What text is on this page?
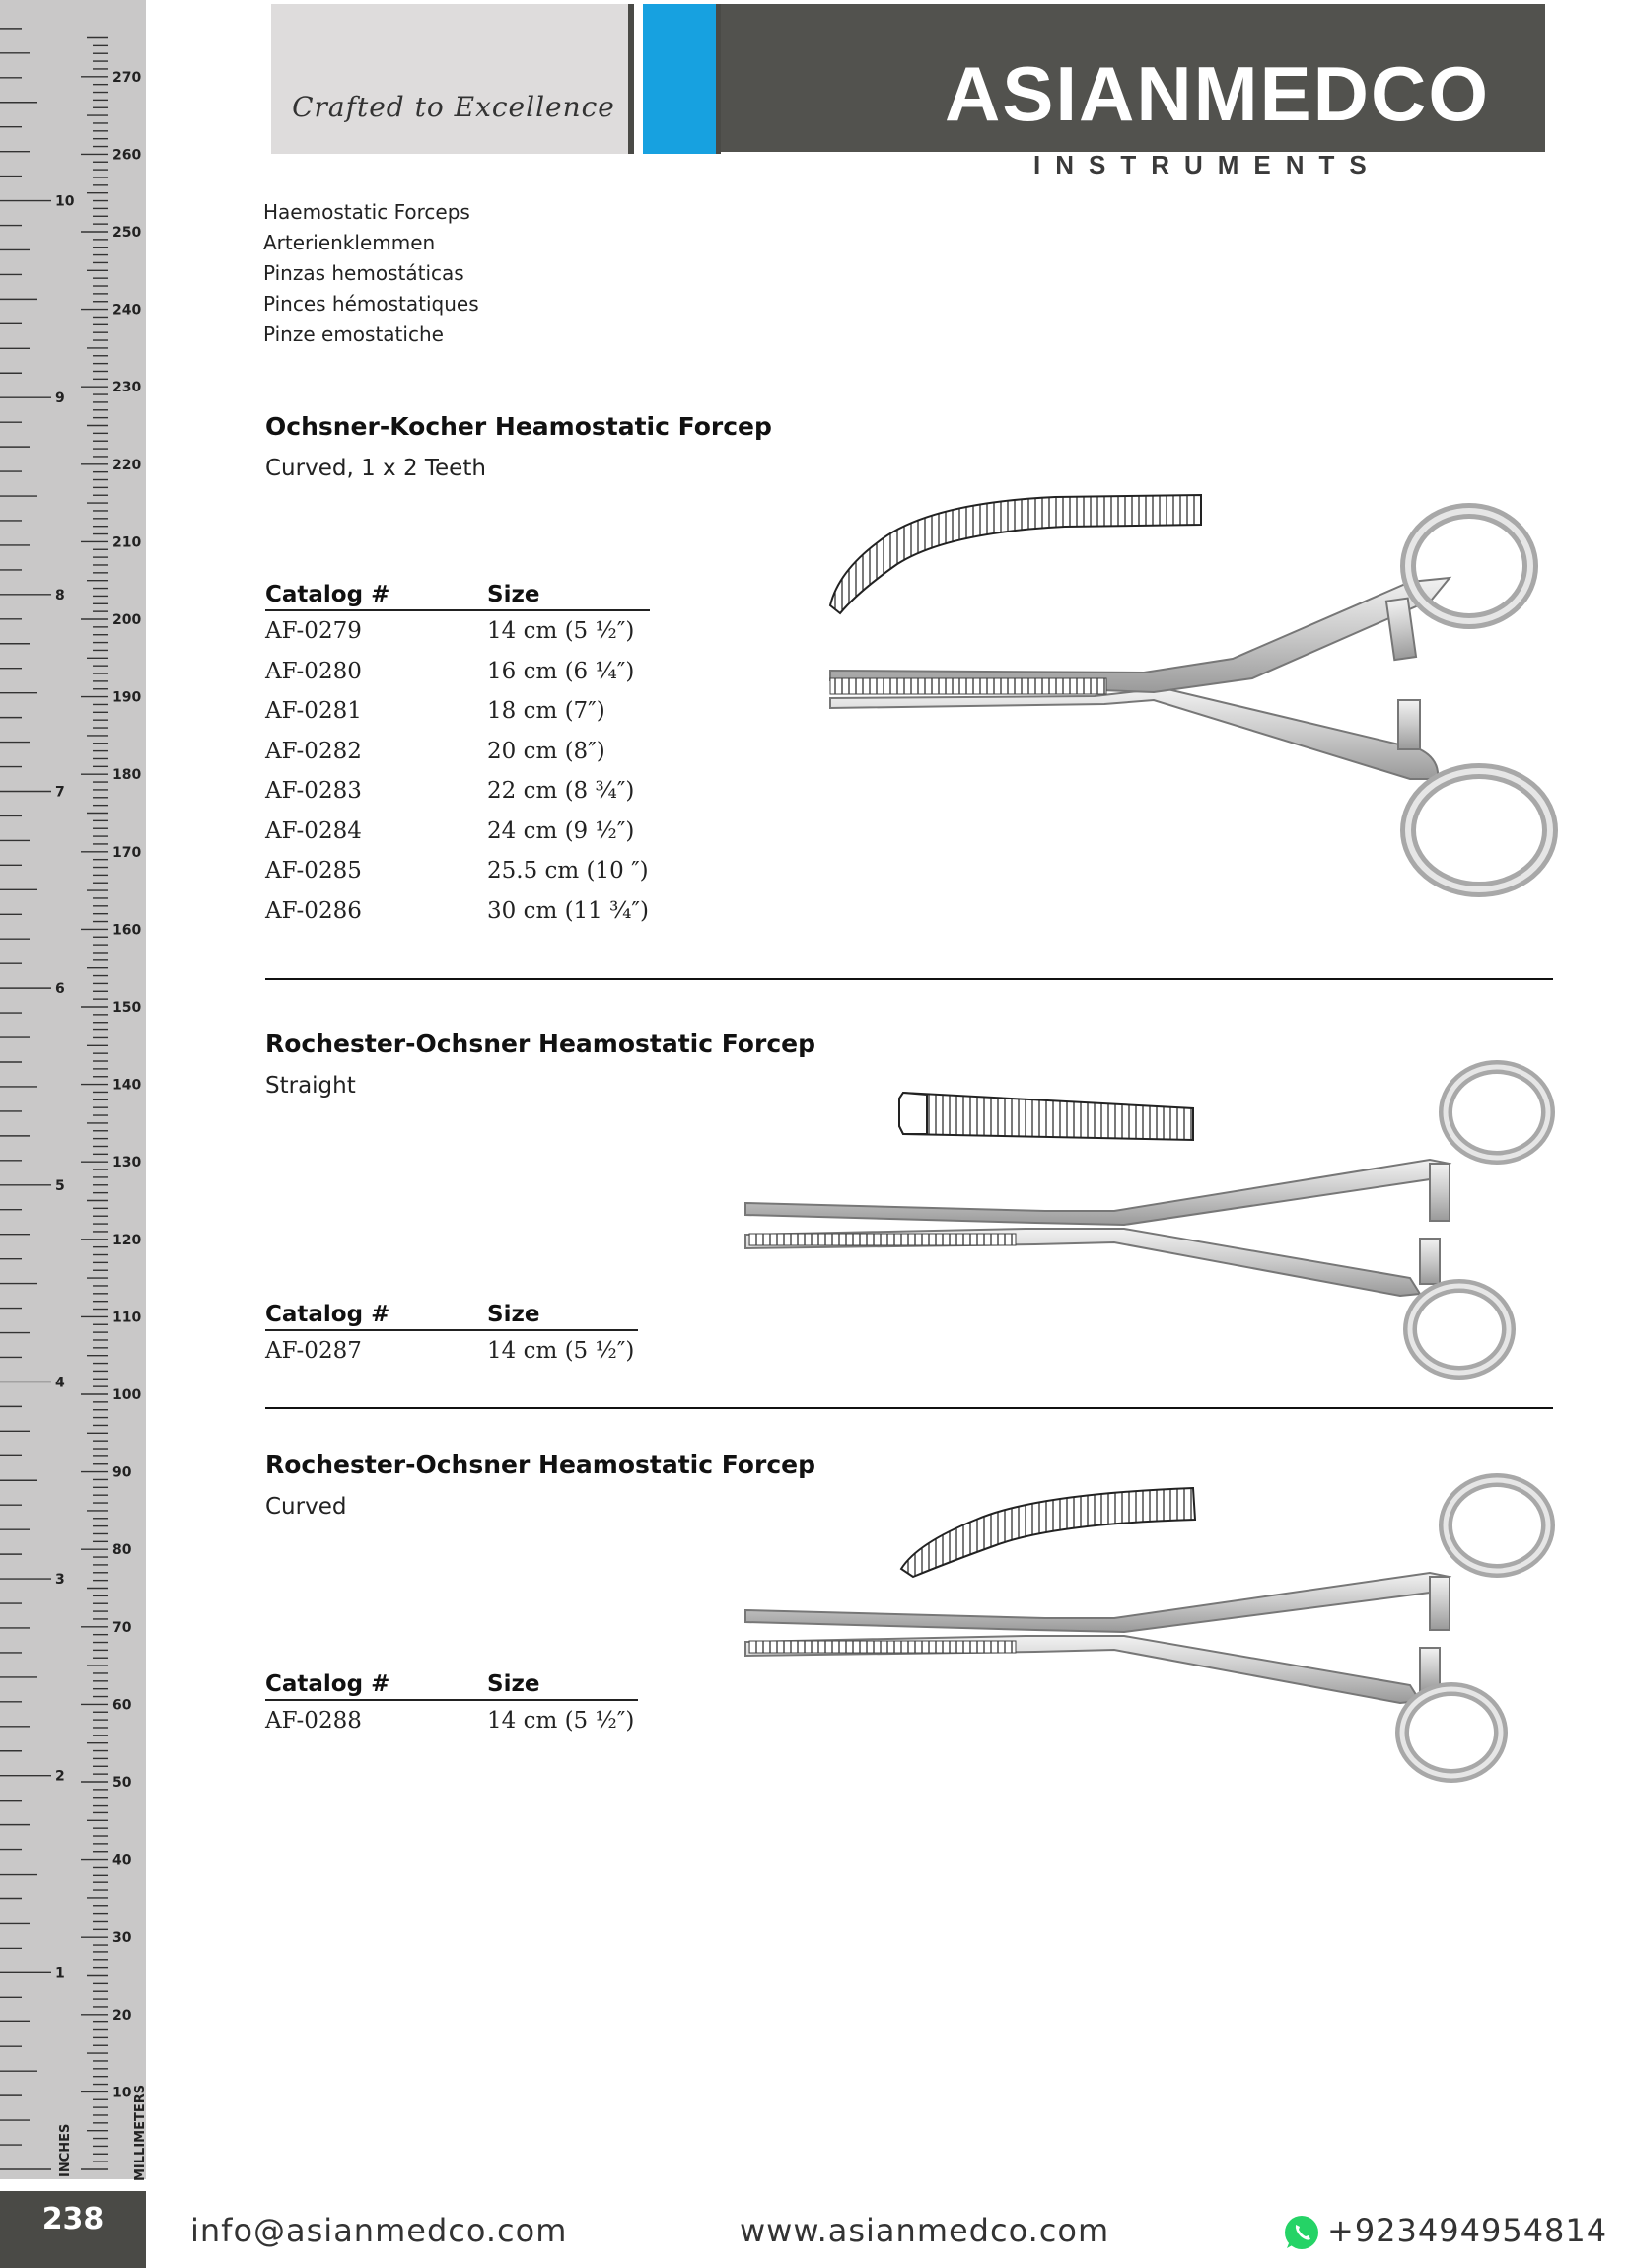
270
260
250
240
230
220
210
200
190
180
170
160
150
140
130
120
110
100
90
80
70
60
50
40
30
20
10
10
9
8
7
6
5
4
3
2
1
INCHES	MILLIMETERS
Crafted to Excellence	ASIANMEDCO
INSTRUMENTS
Haemostatic Forceps
Arterienklemmen
Pinzas hemostáticas
Pinces hémostatiques
Pinze emostatiche
Ochsner-Kocher Heamostatic Forcep
Curved, 1 x 2 Teeth
Catalog #	Size
AF-0279	14 cm (5 ½″)
AF-0280	16 cm (6 ¼″)
AF-0281	18 cm (7″)
AF-0282	20 cm (8″)
AF-0283	22 cm (8 ¾″)
AF-0284	24 cm (9 ½″)
AF-0285	25.5 cm (10 ″)
AF-0286	30 cm (11 ¾″)
Rochester-Ochsner Heamostatic Forcep
Straight
Catalog #	Size
AF-0287	14 cm (5 ½″)
Rochester-Ochsner Heamostatic Forcep
Curved
Catalog #	Size
AF-0288	14 cm (5 ½″)
238	info@asianmedco.com	www.asianmedco.com	+923494954814
